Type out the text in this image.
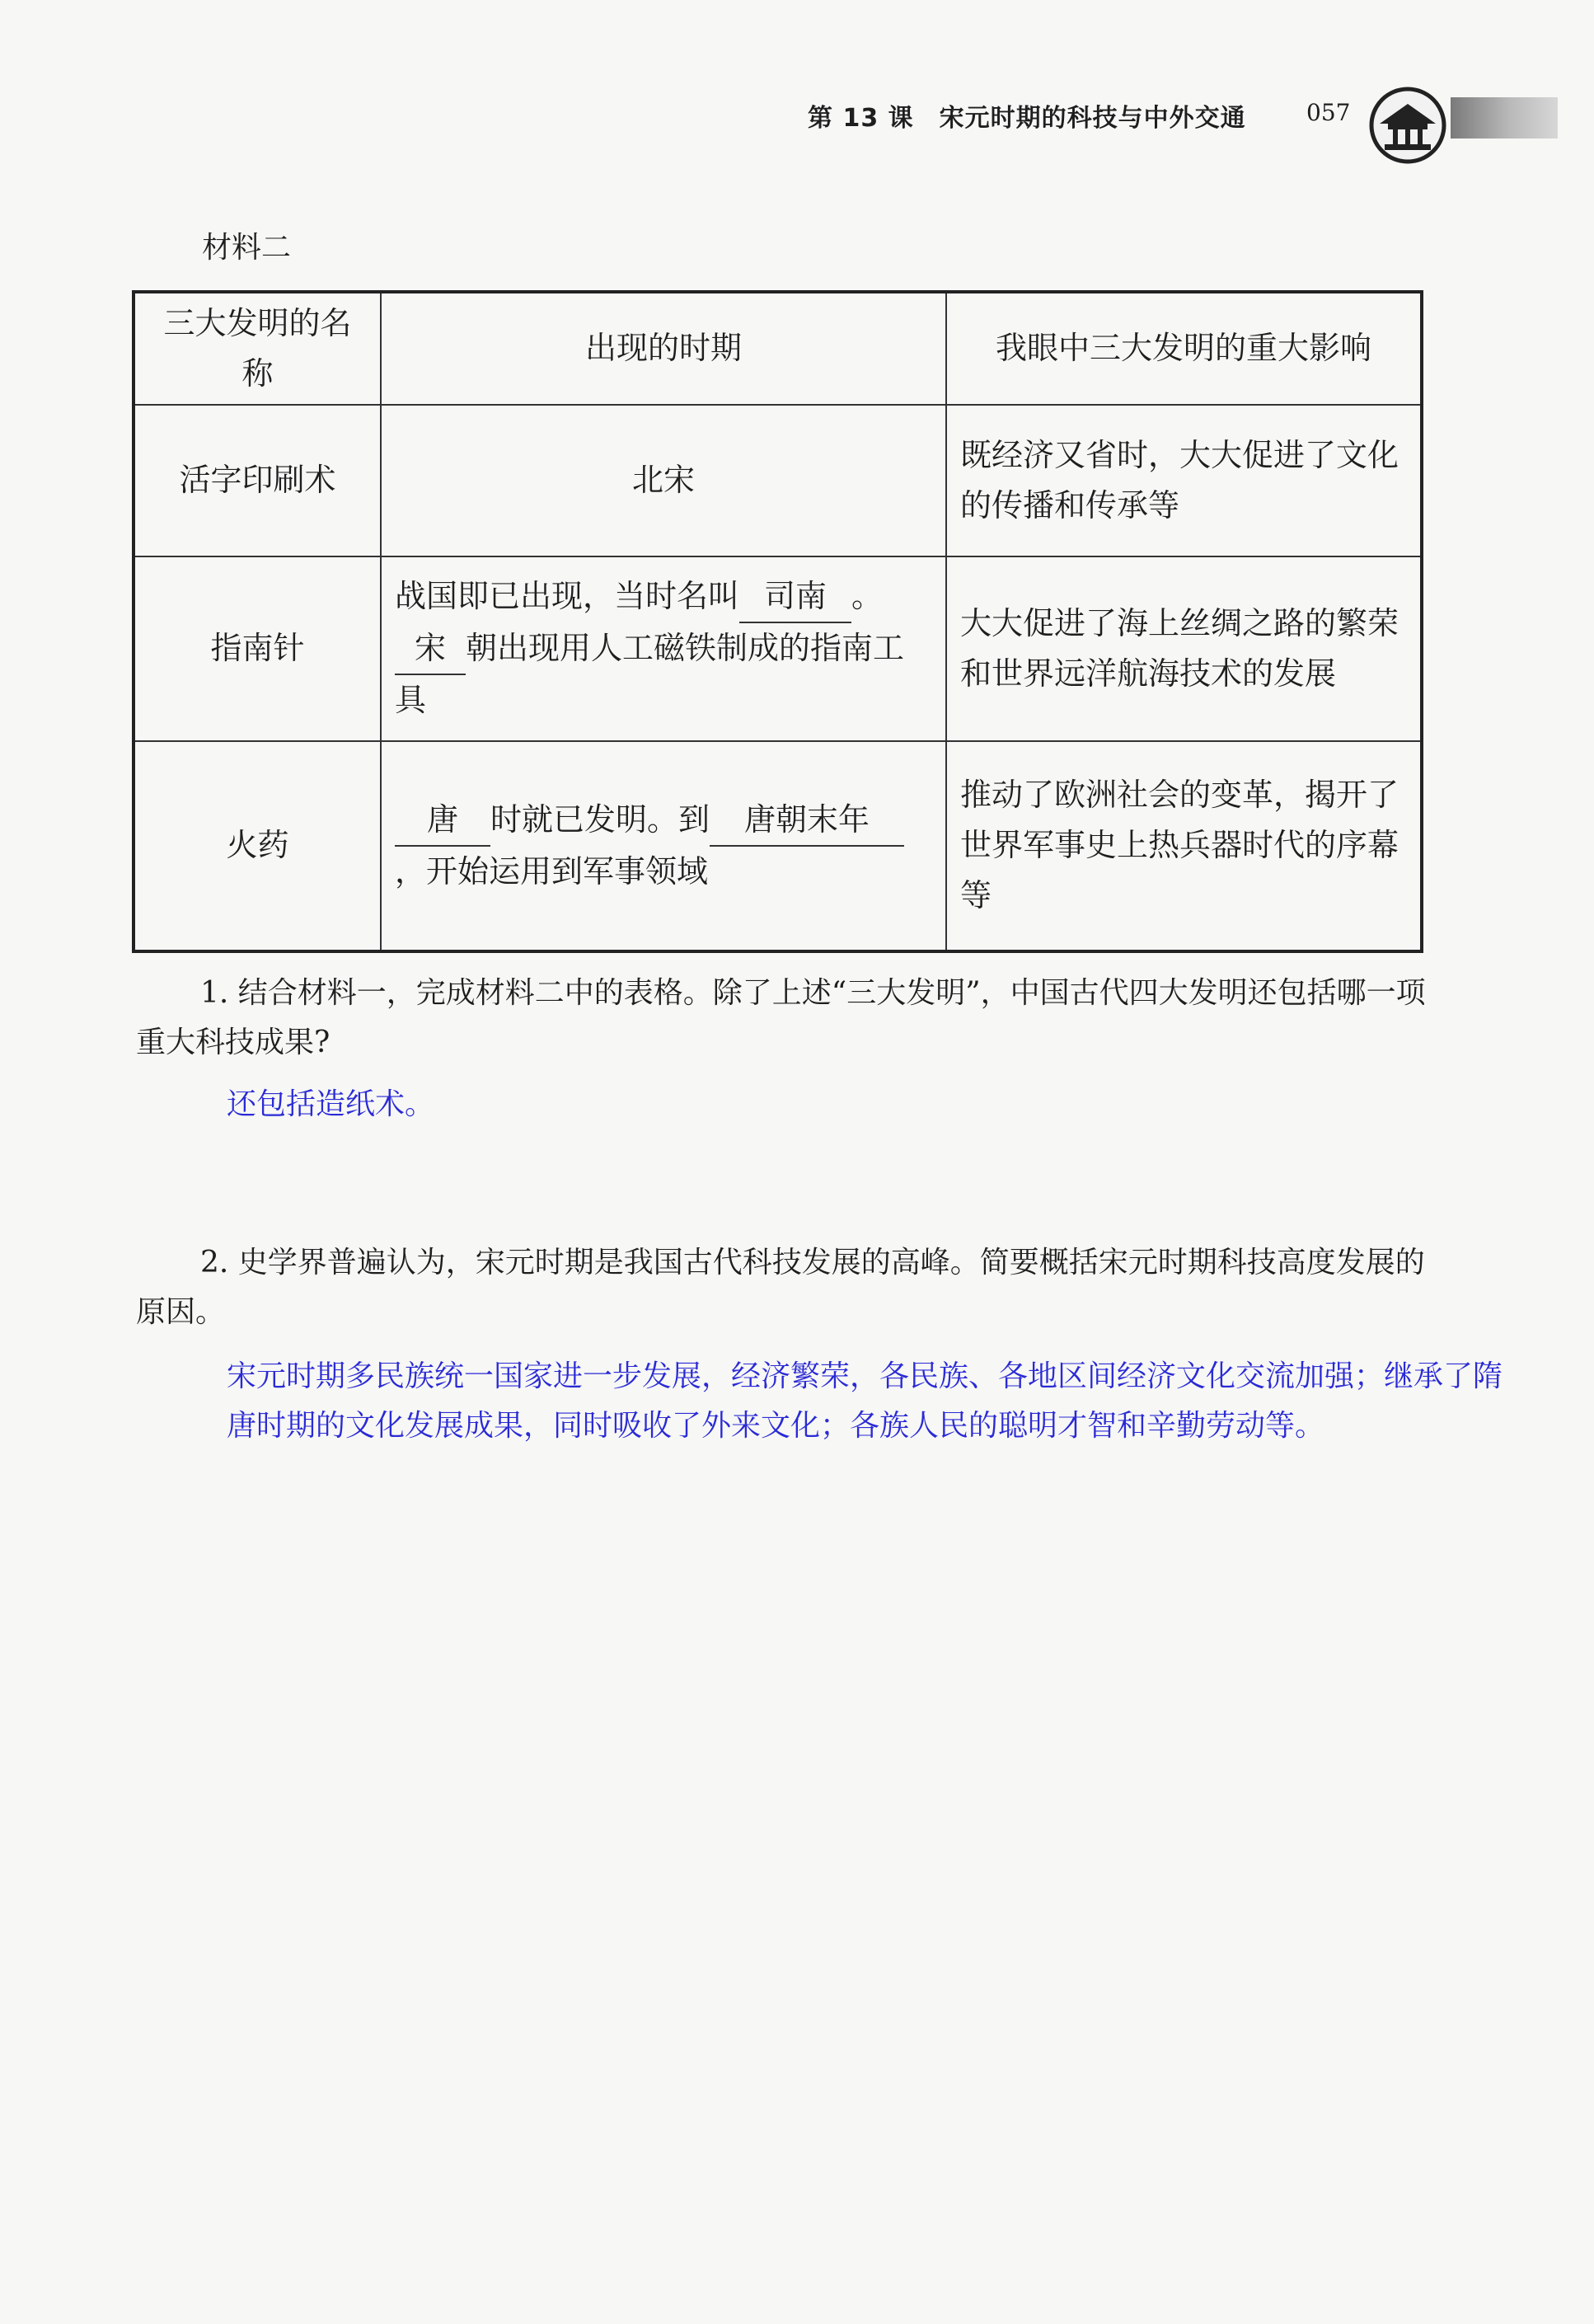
第 13 课　宋元时期的科技与中外交通	057
材料二
三大发明的名称	出现的时期	我眼中三大发明的重大影响
活字印刷术	北宋	既经济又省时，大大促进了文化的传播和传承等
指南针	战国即已出现，当时名叫 司南 。宋 朝出现用人工磁铁制成的指南工具	大大促进了海上丝绸之路的繁荣和世界远洋航海技术的发展
火药	唐 时就已发明。到 唐朝末年，开始运用到军事领域	推动了欧洲社会的变革，揭开了世界军事史上热兵器时代的序幕等

1. 结合材料一，完成材料二中的表格。除了上述“三大发明”，中国古代四大发明还包括哪一项重大科技成果?

还包括造纸术。

2. 史学界普遍认为，宋元时期是我国古代科技发展的高峰。简要概括宋元时期科技高度发展的原因。

宋元时期多民族统一国家进一步发展，经济繁荣，各民族、各地区间经济文化交流加强；继承了隋唐时期的文化发展成果，同时吸收了外来文化；各族人民的聪明才智和辛勤劳动等。
